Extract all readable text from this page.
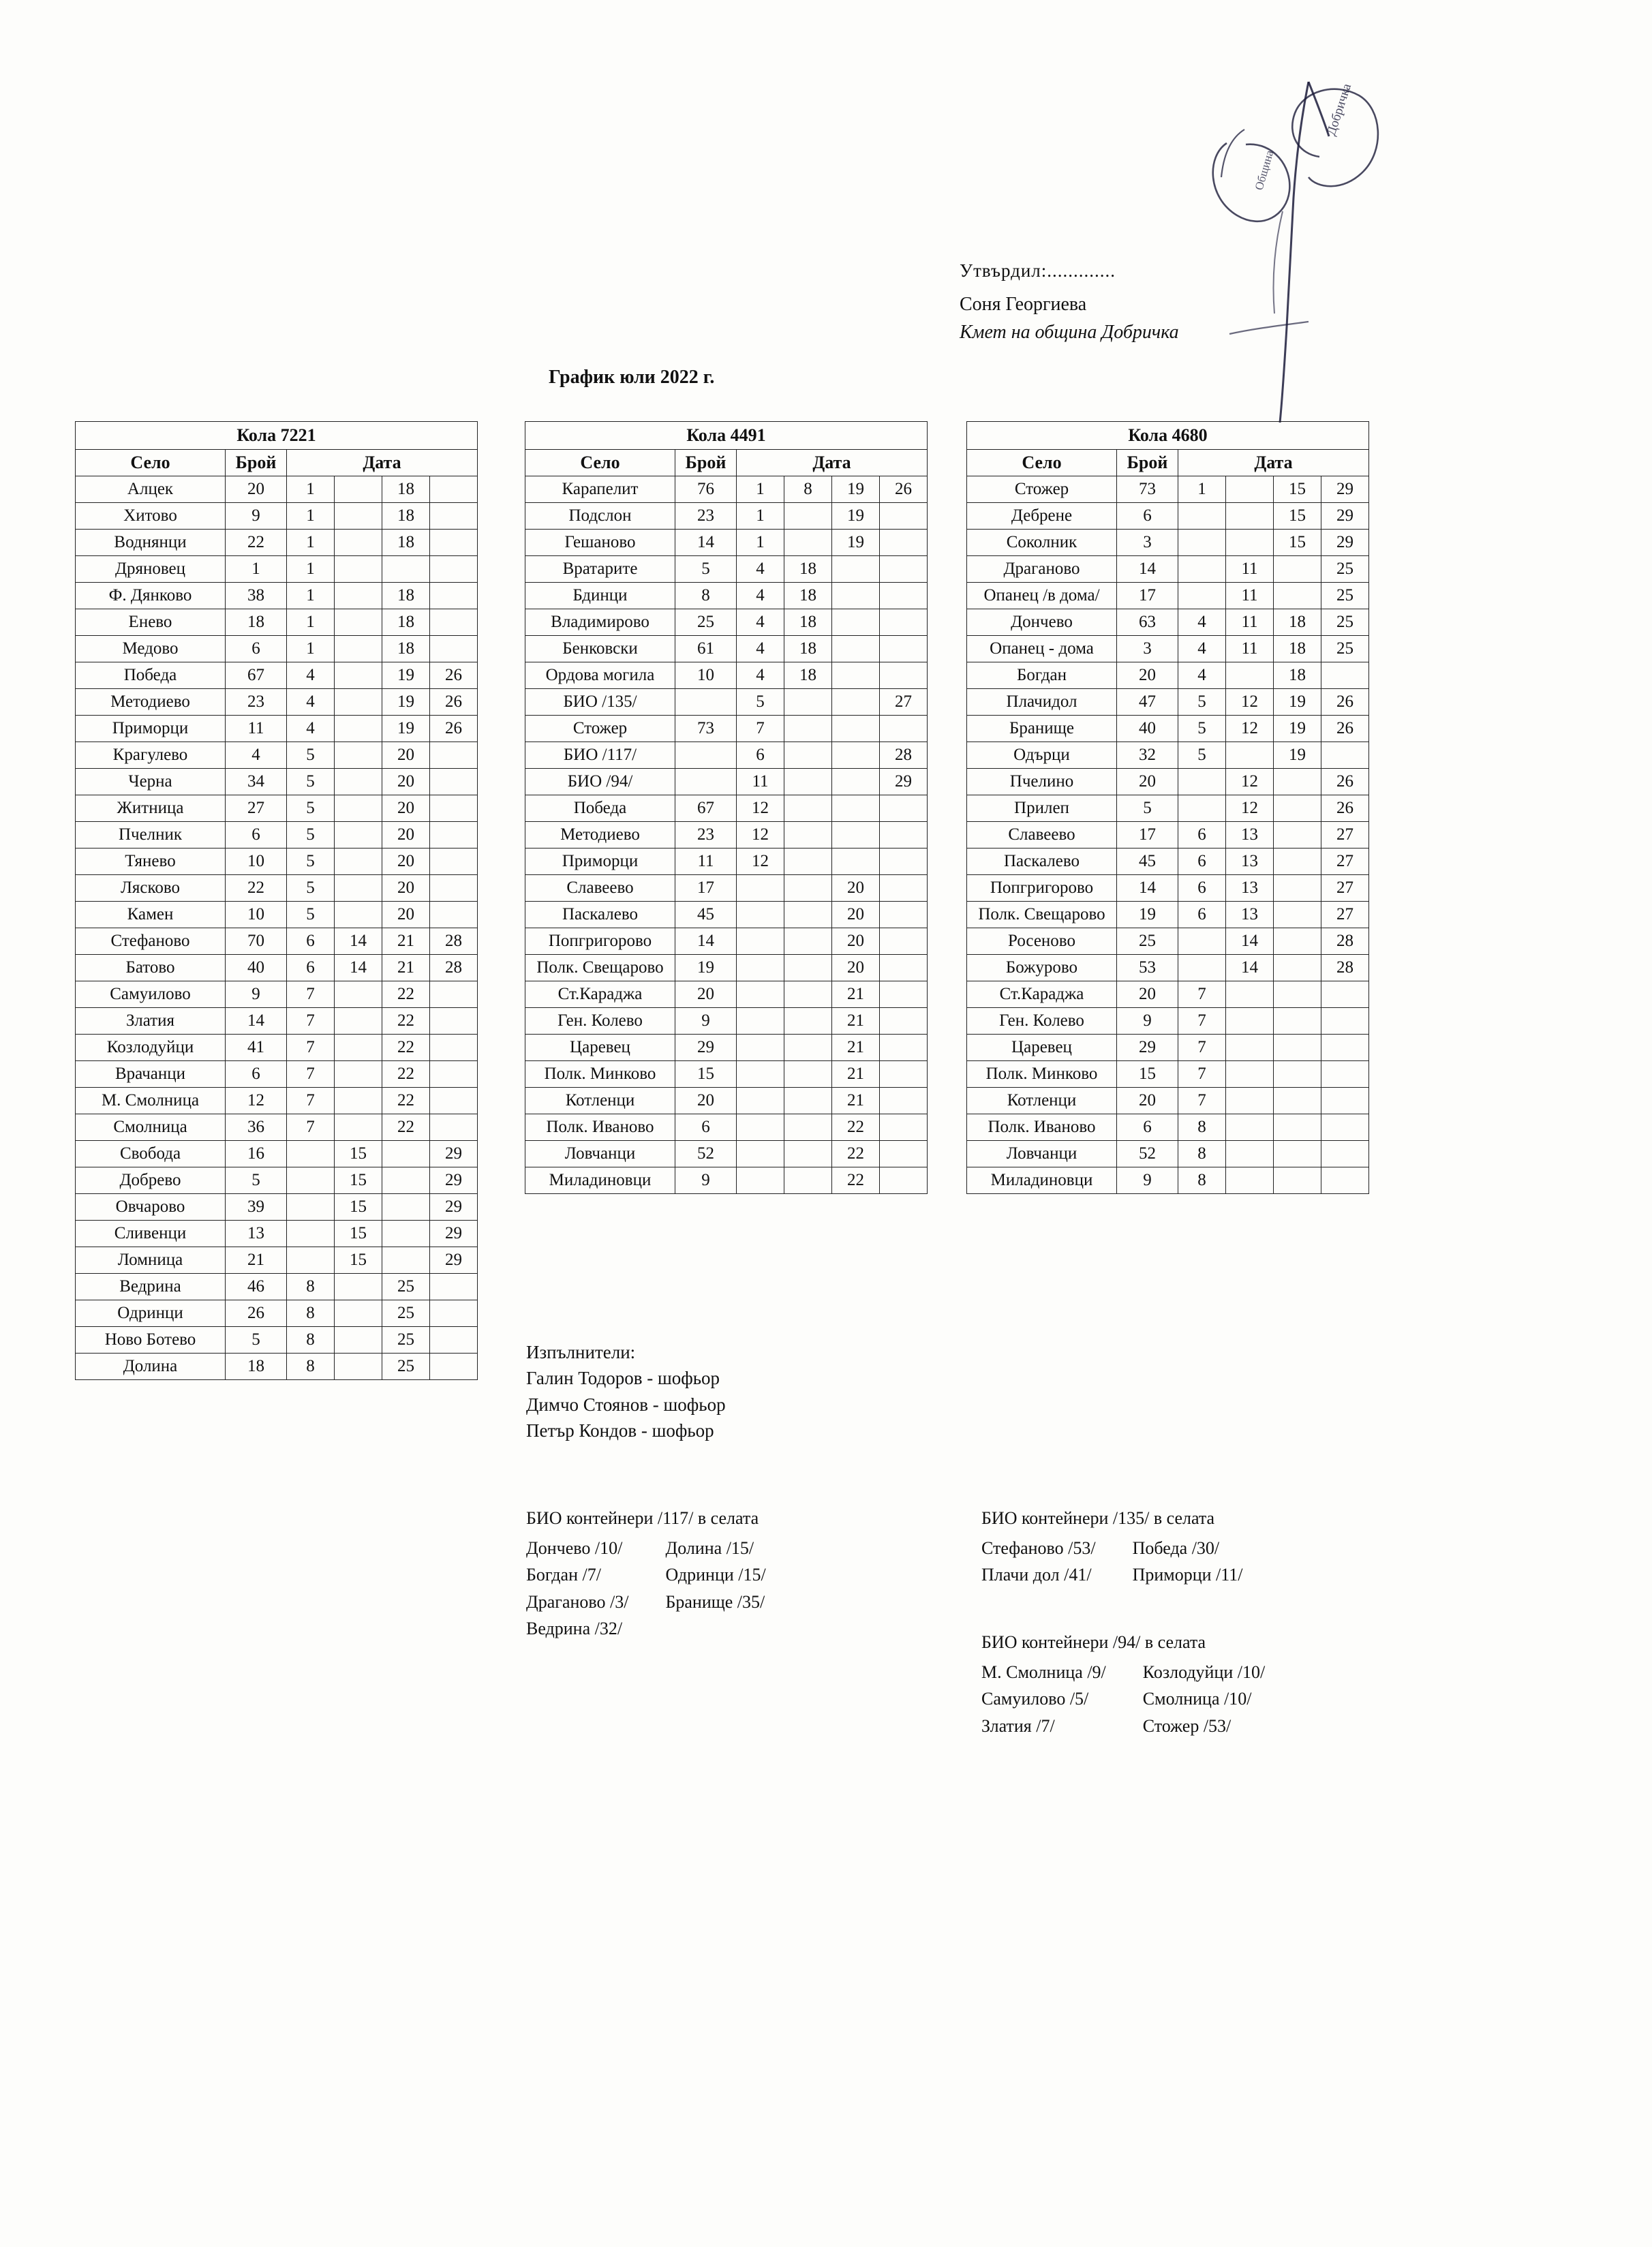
Добричка
Община
Утвърдил:.............
Соня Георгиева
Кмет на община Добричка
График юли 2022 г.
Кола 7221					
Село	Брой	Дата			
Алцек	20	1		18	
Хитово	9	1		18	
Воднянци	22	1		18	
Дряновец	1	1			
Ф. Дянково	38	1		18	
Енево	18	1		18	
Медово	6	1		18	
Победа	67	4		19	26
Методиево	23	4		19	26
Приморци	11	4		19	26
Крагулево	4	5		20	
Черна	34	5		20	
Житница	27	5		20	
Пчелник	6	5		20	
Тяневo	10	5		20	
Лясково	22	5		20	
Камен	10	5		20	
Стефаново	70	6	14	21	28
Батово	40	6	14	21	28
Самуилово	9	7		22	
Златия	14	7		22	
Козлодуйци	41	7		22	
Врачанци	6	7		22	
М. Смолница	12	7		22	
Смолница	36	7		22	
Свобода	16		15		29
Добрево	5		15		29
Овчарово	39		15		29
Сливенци	13		15		29
Ломница	21		15		29
Ведрина	46	8		25	
Одринци	26	8		25	
Ново Ботево	5	8		25	
Долина	18	8		25	
Кола 4491					
Село	Брой	Дата			
Карапелит	76	1	8	19	26
Подслон	23	1		19	
Гешаново	14	1		19	
Вратарите	5	4	18		
Бдинци	8	4	18		
Владимирово	25	4	18		
Бенковски	61	4	18		
Ордова могила	10	4	18		
БИО /135/		5			27
Стожер	73	7			
БИО /117/		6			28
БИО /94/		11			29
Победа	67	12			
Методиево	23	12			
Приморци	11	12			
Славеево	17			20	
Паскалево	45			20	
Попгригорово	14			20	
Полк. Свещарово	19			20	
Ст.Караджа	20			21	
Ген. Колево	9			21	
Царевец	29			21	
Полк. Минково	15			21	
Котленци	20			21	
Полк. Иваново	6			22	
Ловчанци	52			22	
Миладиновци	9			22	
Кола 4680					
Село	Брой	Дата			
Стожер	73	1		15	29
Дебрене	6			15	29
Соколник	3			15	29
Драганово	14		11		25
Опанец /в дома/	17		11		25
Дончево	63	4	11	18	25
Опанец - дома	3	4	11	18	25
Богдан	20	4		18	
Плачидол	47	5	12	19	26
Бранище	40	5	12	19	26
Одърци	32	5		19	
Пчелино	20		12		26
Прилеп	5		12		26
Славеево	17	6	13		27
Паскалево	45	6	13		27
Попгригорово	14	6	13		27
Полк. Свещарово	19	6	13		27
Росеново	25		14		28
Божурово	53		14		28
Ст.Караджа	20	7			
Ген. Колево	9	7			
Царевец	29	7			
Полк. Минково	15	7			
Котленци	20	7			
Полк. Иваново	6	8			
Ловчанци	52	8			
Миладиновци	9	8			
Изпълнители:
Галин Тодоров - шофьор
Димчо Стоянов - шофьор
Петър Кондов - шофьор
БИО контейнери /117/ в селата
Дончево /10/
Богдан /7/
Драганово /3/
Ведрина /32/
Долина /15/
Одринци /15/
Бранище /35/
БИО контейнери /135/ в селата
Стефаново /53/
Плачи дол /41/
Победа /30/
Приморци /11/
БИО контейнери /94/ в селата
М. Смолница /9/
Самуилово /5/
Златия /7/
Козлодуйци /10/
Смолница /10/
Стожер /53/
